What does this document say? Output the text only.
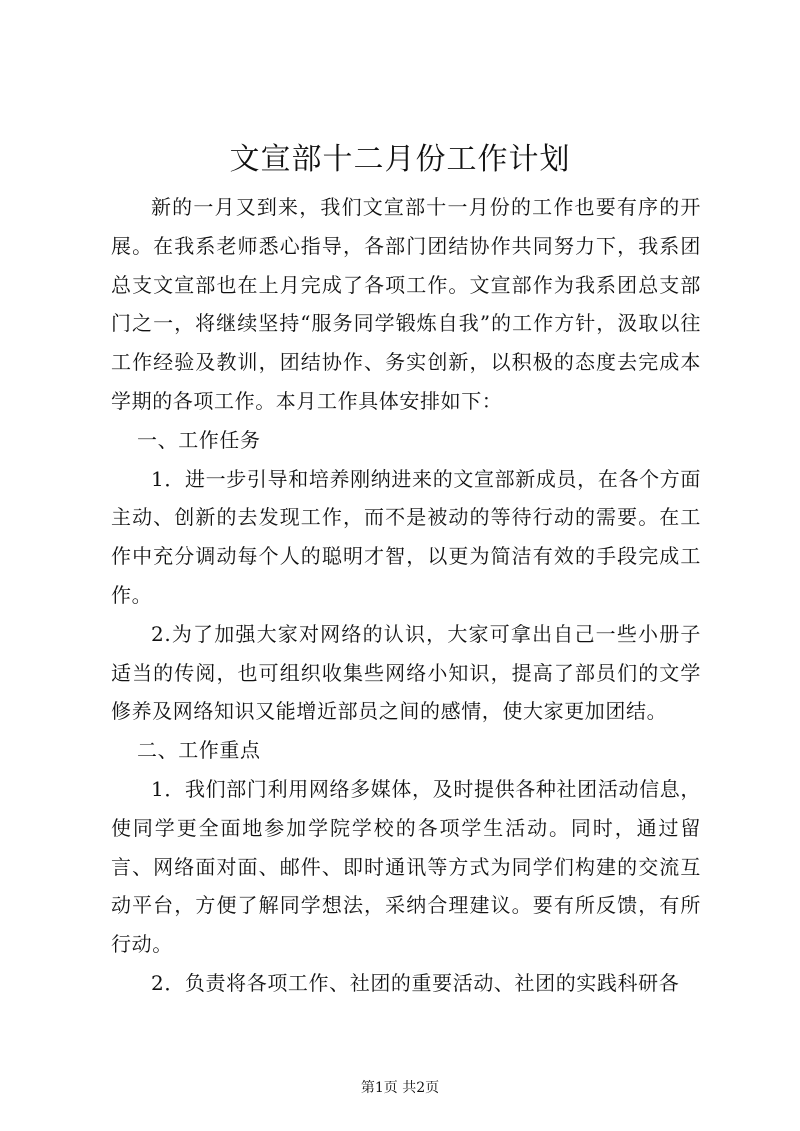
文宣部十二月份工作计划

新的一月又到来，我们文宣部十一月份的工作也要有序的开展。在我系老师悉心指导，各部门团结协作共同努力下，我系团总支文宣部也在上月完成了各项工作。文宣部作为我系团总支部门之一，将继续坚持“服务同学锻炼自我”的工作方针，汲取以往工作经验及教训，团结协作、务实创新，以积极的态度去完成本学期的各项工作。本月工作具体安排如下：

一、工作任务

1．进一步引导和培养刚纳进来的文宣部新成员，在各个方面主动、创新的去发现工作，而不是被动的等待行动的需要。在工作中充分调动每个人的聪明才智，以更为简洁有效的手段完成工作。

2.为了加强大家对网络的认识，大家可拿出自己一些小册子适当的传阅，也可组织收集些网络小知识，提高了部员们的文学修养及网络知识又能增近部员之间的感情，使大家更加团结。

二、工作重点

1．我们部门利用网络多媒体，及时提供各种社团活动信息，使同学更全面地参加学院学校的各项学生活动。同时，通过留言、网络面对面、邮件、即时通讯等方式为同学们构建的交流互动平台，方便了解同学想法，采纳合理建议。要有所反馈，有所行动。

2．负责将各项工作、社团的重要活动、社团的实践科研各

第1页 共2页
